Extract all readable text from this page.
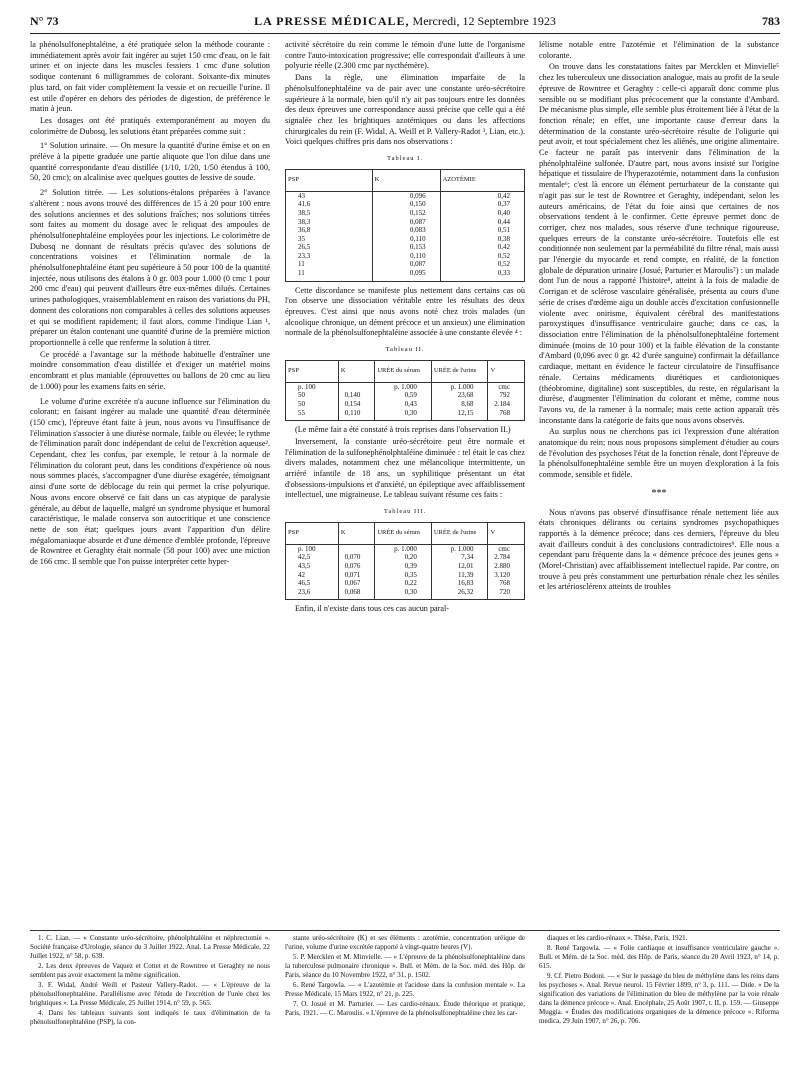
N° 73	LA PRESSE MÉDICALE, Mercredi, 12 Septembre 1923	783

la phénolsulfonephtaléine, a été pratiquée selon la méthode courante : immédiatement après avoir fait ingérer au sujet 150 cmc d'eau, on le fait uriner et on injecte dans les muscles fessiers 1 cmc d'une solution sodique contenant 6 milligrammes de colorant. Soixante-dix minutes plus tard, on fait vider complètement la vessie et on recueille l'urine. Il est utile d'opérer en dehors des périodes de digestion, de préférence le matin à jeun.

Les dosages ont été pratiqués extemporanément au moyen du colorimètre de Dubosq, les solutions étant préparées comme suit :

1° Solution urinaire. — On mesure la quantité d'urine émise et on en prélève à la pipette graduée une partie aliquote que l'on dilue dans une quantité correspondante d'eau distillée (1/10, 1/20, 1/50 étendus à 100, 50, 20 cmc); on alcalinise avec quelques gouttes de lessive de soude.

2° Solution titrée. — Les solutions-étalons préparées à l'avance s'altèrent : nous avons trouvé des différences de 15 à 20 pour 100 entre des solutions anciennes et des solutions fraîches; nos solutions titrées sont faites au moment du dosage avec le reliquat des ampoules de phénolsulfonephtaléine employées pour les injections. Le colorimètre de Dubosq ne donnant de résultats précis qu'avec des solutions de concentrations voisines et l'élimination normale de la phénolsulfonephtaléine étant peu supérieure à 50 pour 100 de la quantité injectée, nous utilisons des étalons à 0 gr. 003 pour 1.000 (0 cmc 1 pour 200 cmc d'eau) qui peuvent d'ailleurs être eux-mêmes dilués. Certaines urines pathologiques, vraisemblablement en raison des variations du PH, donnent des colorations non comparables à celles des solutions aqueuses et qui se modifient rapidement; il faut alors, comme l'indique Lian ¹, préparer un étalon contenant une quantité d'urine de la première miction proportionnelle à celle que renferme la solution à titrer.

Ce procédé a l'avantage sur la méthode habituelle d'entraîner une moindre consommation d'eau distillée et d'exiger un matériel moins encombrant et plus maniable (éprouvettes ou ballons de 20 cmc au lieu de 1.000) pour les examens faits en série.

Le volume d'urine excrétée n'a aucune influence sur l'élimination du colorant; en faisant ingérer au malade une quantité d'eau déterminée (150 cmc), l'épreuve étant faite à jeun, nous avons vu l'insuffisance de l'élimination s'associer à une diurèse normale, faible ou élevée; le rythme de l'élimination paraît donc indépendant de celui de l'excrétion aqueuse². Cependant, chez les confus, par exemple, le retour à la normale de l'élimination du colorant peut, dans les conditions d'expérience où nous nous sommes placés, s'accompagner d'une diurèse exagérée, témoignant ainsi d'une sorte de déblocage du rein qui permet la crise polyurique. Nous avons encore observé ce fait dans un cas atypique de paralysie générale, au début de laquelle, malgré un syndrome physique et humoral caractéristique, le malade conserva son autocritique et une conscience nette de son état; quelques jours avant l'apparition d'un délire mégalomaniaque absurde et d'une démence d'emblée profonde, l'épreuve de Rowntree et Geraghty était normale (58 pour 100) avec une miction de 166 cmc. Il semble que l'on puisse interpréter cette hyper-

activité sécrétoire du rein comme le témoin d'une lutte de l'organisme contre l'auto-intoxication progressive; elle correspondait d'ailleurs à une polyurie réelle (2.300 cmc par nycthémère).

Dans la règle, une élimination imparfaite de la phénolsulfonephtaléine va de pair avec une constante uréo-sécrétoire supérieure à la normale, bien qu'il n'y ait pas toujours entre les données des deux épreuves une correspondance aussi précise que celle qui a été signalée chez les brightiques azotémiques ou dans les affections chirurgicales du rein (F. Widal, A. Weill et P. Vallery-Radot ³, Lian, etc.). Voici quelques chiffres pris dans nos observations :

Tableau I.
PSP	K	AZOTÉMIE
43	0,096	0,42
41,6	0,150	0,37
38,5	0,152	0,40
38,3	0,087	0,44
36,8	0,083	0,51
35	0,110	0,38
26,5	0,153	0,42
23,3	0,110	0,52
11	0,087	0,52
11	0,095	0,33

Cette discordance se manifeste plus nettement dans certains cas où l'on observe une dissociation véritable entre les résultats des deux épreuves. C'est ainsi que nous avons noté chez trois malades (un alcoolique chronique, un dément précoce et un anxieux) une élimination normale de la phénolsulfonephtaléine associée à une constante élevée ⁴ :

Tableau II.
PSP	K	URÉE du sérum	URÉE de l'urine	V
p. 100		p. 1.000	p. 1.000	cmc
50	0,140	0,59	23,68	792
50	0,154	0,43	8,68	2.184
55	0,110	0,30	12,15	768

(Le même fait a été constaté à trois reprises dans l'observation II.)

Inversement, la constante uréo-sécrétoire peut être normale et l'élimination de la sulfonephénolphtaléine diminuée : tel était le cas chez divers malades, notamment chez une mélancolique intermittente, un arriéré infantile de 18 ans, un syphilitique présentant un état d'obsessions-impulsions et d'anxiété, un épileptique avec affaiblissement intellectuel, une migraineuse. Le tableau suivant résume ces faits :

Tableau III.
PSP	K	URÉE du sérum	URÉE de l'urine	V
p. 100		p. 1.000	p. 1.000	cmc
42,5	0,070	0,20	7,34	2.784
43,5	0,076	0,39	12,01	2.880
42	0,071	0,35	11,39	3.120
46,5	0,067	0,22	16,83	768
23,6	0,068	0,30	26,32	720

Enfin, il n'existe dans tous ces cas aucun paral-

lélisme notable entre l'azotémie et l'élimination de la substance colorante.

On trouve dans les constatations faites par Mercklen et Minvielle⁵ chez les tuberculeux une dissociation analogue, mais au profit de la seule épreuve de Rowntree et Geraghty : celle-ci apparaît donc comme plus sensible ou se modifiant plus précocement que la constante d'Ambard. De mécanisme plus simple, elle semble plus étroitement liée à l'état de la fonction rénale; en effet, une importante cause d'erreur dans la détermination de la constante uréo-sécrétoire résulte de l'oligurie qui peut avoir, et tout spécialement chez les aliénés, une origine alimentaire. Ce facteur ne paraît pas intervenir dans l'élimination de la phénolphtaléine sulfonée. D'autre part, nous avons insisté sur l'origine hépatique et tissulaire de l'hyperazotémie, notamment dans la confusion mentale⁶; c'est là encore un élément perturbateur de la constante qui n'agit pas sur le test de Rowntree et Geraghty, indépendant, selon les auteurs américains, de l'état du foie ainsi que certaines de nos observations tendent à le confirmer. Cette épreuve permet donc de corriger, chez nos malades, sous réserve d'une technique rigoureuse, quelques erreurs de la constante uréo-sécrétoire. Toutefois elle est conditionnée non seulement par la perméabilité du filtre rénal, mais aussi par l'énergie du myocarde et rend compte, en réalité, de la fonction globale de dépuration urinaire (Josué, Parturier et Maroulis⁷) : un malade dont l'un de nous a rapporté l'histoire⁸, atteint à la fois de maladie de Corrigan et de sclérose vasculaire généralisée, présenta au cours d'une série de crises d'œdème aigu un double accès d'excitation confusionnelle violente avec onirisme, équivalent cérébral des manifestations paroxystiques d'insuffisance ventriculaire gauche; dans ce cas, la dissociation entre l'élimination de la phénolsulfonephtaléine fortement diminuée (moins de 10 pour 100) et la faible élévation de la constante d'Ambard (0,096 avec 0 gr. 42 d'urée sanguine) confirmait la défaillance cardiaque, mettant en évidence le facteur circulatoire de l'insuffisance rénale. Certains médicaments diurétiques et cardiotoniques (théobromine, digitaline) sont susceptibles, du reste, en régularisant la diurèse, d'augmenter l'élimination du colorant et même, comme nous l'avons vu, de la ramener à la normale; mais cette action apparaît très inconstante dans la catégorie de faits que nous avons observés.

Au surplus nous ne cherchons pas ici l'expression d'une altération anatomique du rein; nous nous proposons simplement d'étudier au cours de l'évolution des psychoses l'état de la fonction rénale, dont l'épreuve de la phénolsulfonephtaléine semble être un moyen d'exploration à la fois commode, sensible et fidèle.

***

Nous n'avons pas observé d'insuffisance rénale nettement liée aux états chroniques délirants ou certains syndromes psychopathiques rapportés à la démence précoce; dans ces derniers, l'épreuve du bleu avait d'ailleurs conduit à des conclusions contradictoires⁹. Elle nous a cependant paru fréquente dans la « démence précoce des jeunes gens » (Morel-Christian) avec affaiblissement intellectuel rapide. Par contre, on trouve à peu près constamment une perturbation rénale chez les séniles et les artériosclérenx atteints de troubles

1. C. Lian. — « Constante uréo-sécrétoire, phénolphtaléine et néphrectomie ». Société française d'Urologie, séance du 3 Juillet 1922. Anal. La Presse Médicale, 22 Juillet 1922, n° 58, p. 639.

2. Les deux épreuves de Vaquez et Cottet et de Rowntree et Geraghty ne nous semblent pas avoir exactement la même signification.

3. F. Widal, André Weill et Pasteur Vallery-Radot. — « L'épreuve de la phénolsulfonephtaléine. Parallélisme avec l'étude de l'excrétion de l'urée chez les brightiques ». La Presse Médicale, 25 Juillet 1914, n° 59, p. 565.

4. Dans les tableaux suivants sont indiqués le taux d'élimination de la phénolsulfonephtaléine (PSP), la con-

stante uréo-sécrétoire (K) et ses éléments : azotémie, concentration uréique de l'urine, volume d'urine excrétée rapporté à vingt-quatre heures (V).

5. P. Mercklen et M. Minvielle. — « L'épreuve de la phénolsulfonephtaléine dans la tuberculose pulmonaire chronique ». Bull. et Mém. de la Soc. méd. des Hôp. de Paris, séance du 10 Novembre 1922, n° 31, p. 1502.

6. René Targowla. — « L'azotémie et l'acidose dans la confusion mentale ». La Presse Médicale, 15 Mars 1922, n° 21, p. 225.

7. O. Josué et M. Parturier. — Les cardio-rénaux. Étude théorique et pratique, Paris, 1921. — C. Maroulis. « L'épreuve de la phénolsulfonephtaléine chez les car-

diaques et les cardio-rénaux ». Thèse, Paris, 1921.

8. René Targowla. — « Folie cardiaque et insuffisance ventriculaire gauche ». Bull. et Mém. de la Soc. méd. des Hôp. de Paris, séance du 20 Avril 1923, n° 14, p. 615.

9. Cf. Pietro Bodoni. — « Sur le passage du bleu de méthylène dans les reins dans les psychoses ». Anal. Revue neurol. 15 Février 1899, n° 3, p. 111. — Dide. « De la signification des variations de l'élimination du bleu de méthylène par la voie rénale dans la démence précoce ». Anal. Encéphale, 25 Août 1907, t. II, p. 159. — Giuseppe Muggia. « Études des modifications organiques de la démence précoce ». Riforma medica, 29 Juin 1907, n° 26, p. 706.
